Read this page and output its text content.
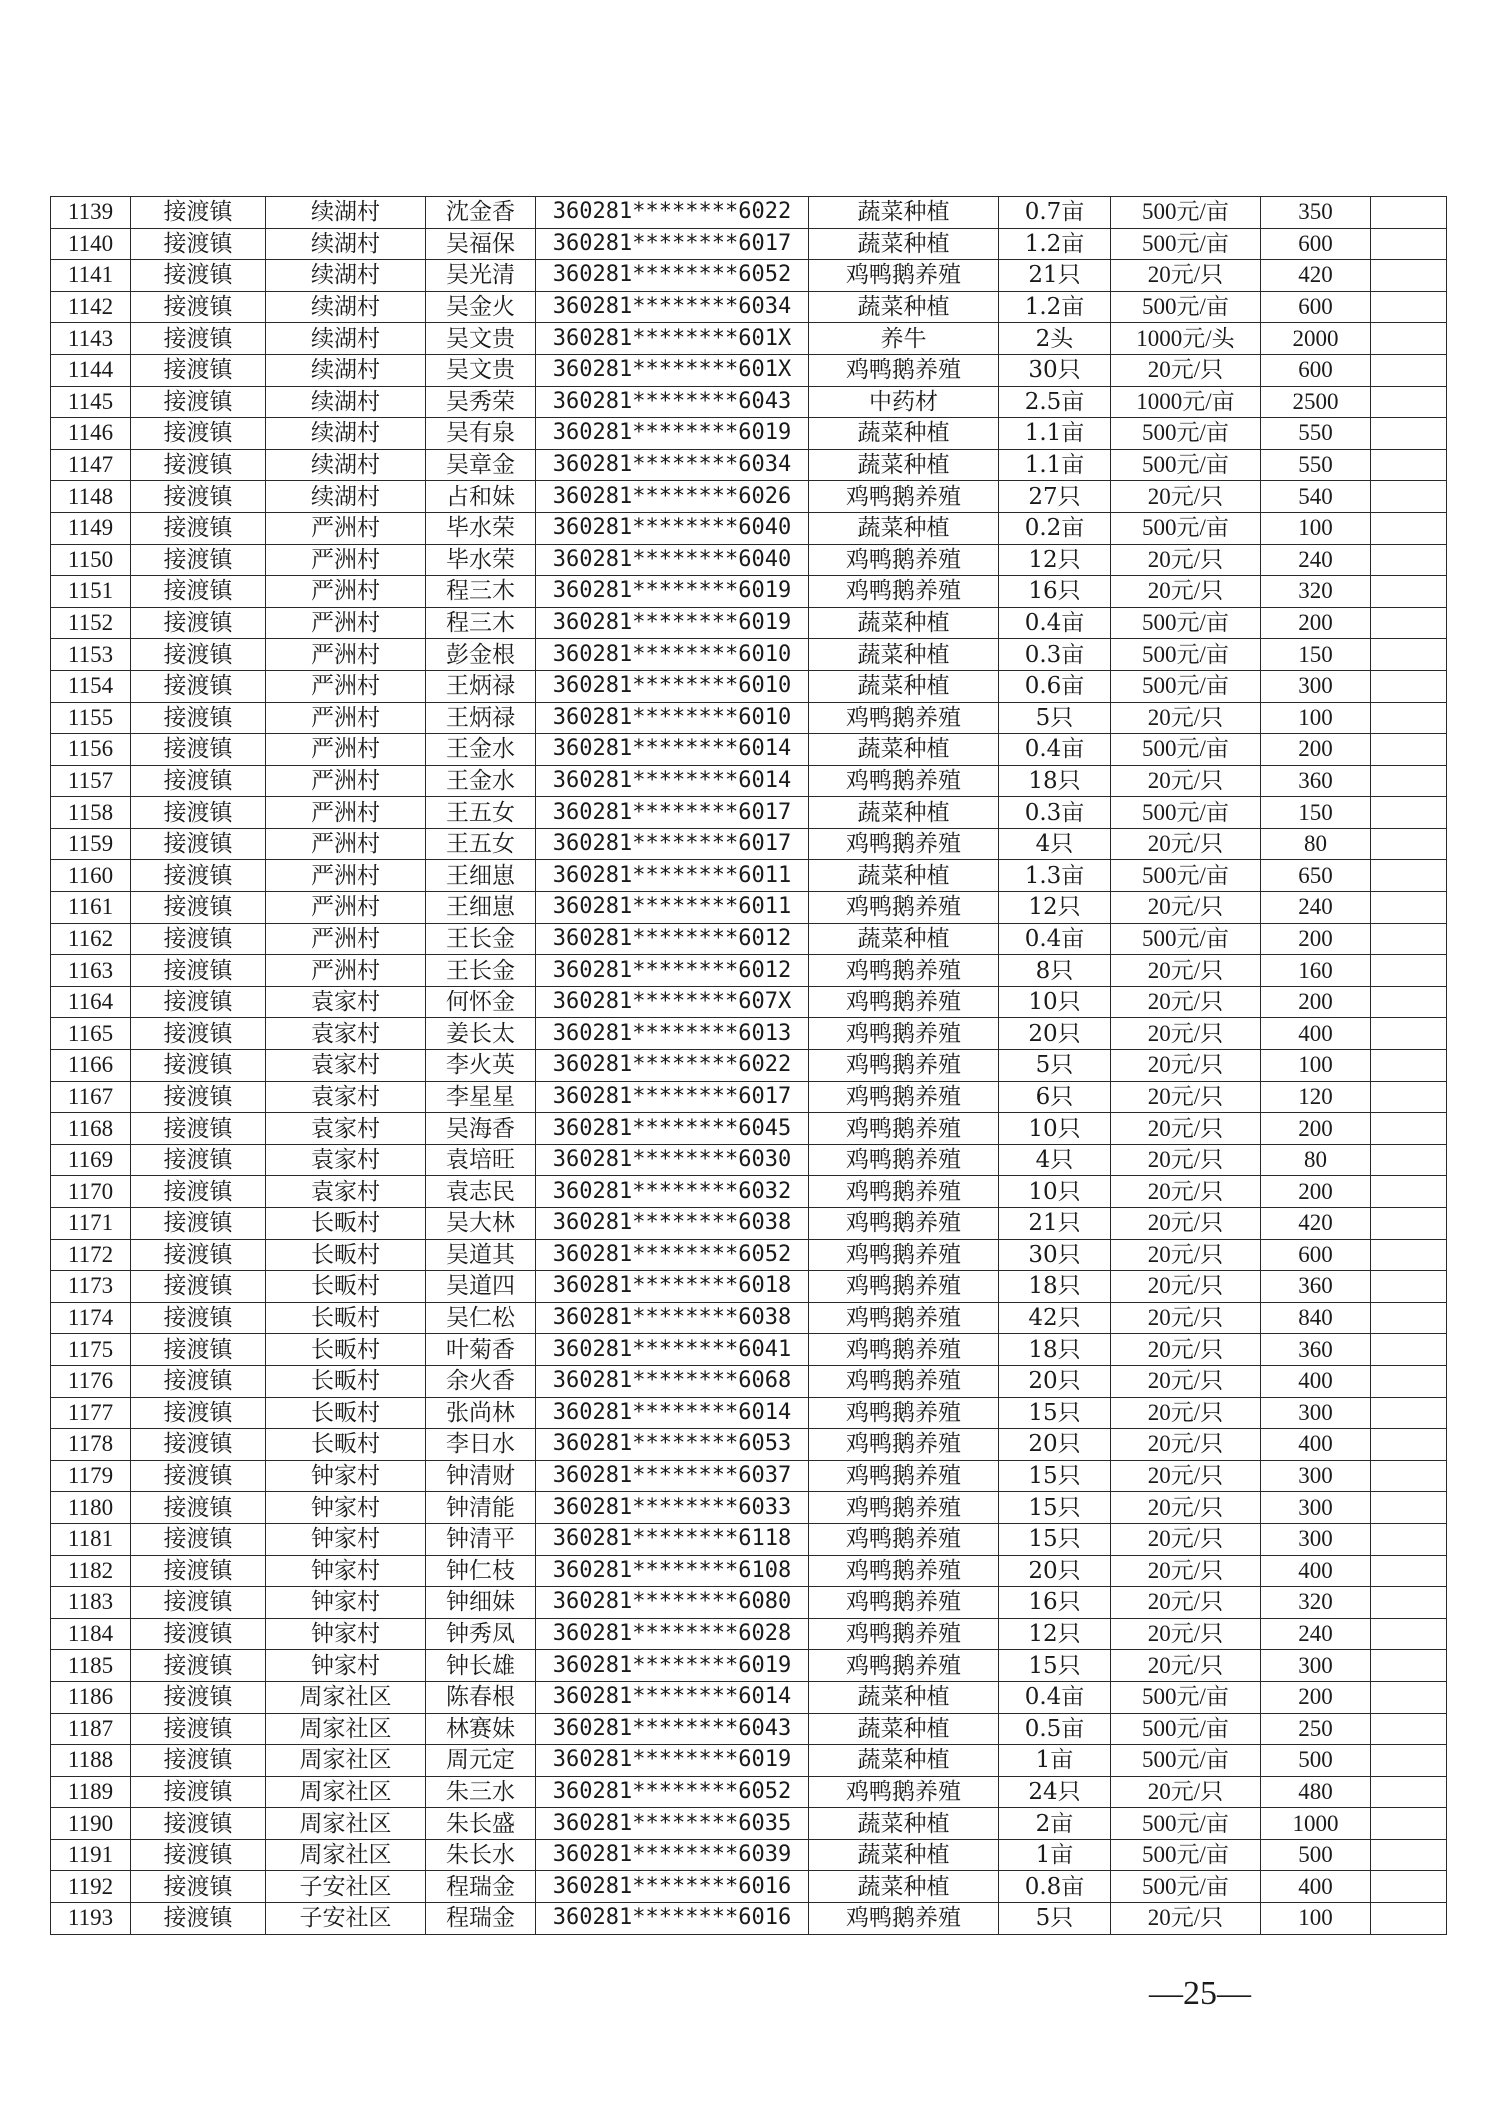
1139	接渡镇	续湖村	沈金香	360281********6022	蔬菜种植	0.7亩	500元/亩	350	
1140	接渡镇	续湖村	吴福保	360281********6017	蔬菜种植	1.2亩	500元/亩	600	
1141	接渡镇	续湖村	吴光清	360281********6052	鸡鸭鹅养殖	21只	20元/只	420	
1142	接渡镇	续湖村	吴金火	360281********6034	蔬菜种植	1.2亩	500元/亩	600	
1143	接渡镇	续湖村	吴文贵	360281********601X	养牛	2头	1000元/头	2000	
1144	接渡镇	续湖村	吴文贵	360281********601X	鸡鸭鹅养殖	30只	20元/只	600	
1145	接渡镇	续湖村	吴秀荣	360281********6043	中药材	2.5亩	1000元/亩	2500	
1146	接渡镇	续湖村	吴有泉	360281********6019	蔬菜种植	1.1亩	500元/亩	550	
1147	接渡镇	续湖村	吴章金	360281********6034	蔬菜种植	1.1亩	500元/亩	550	
1148	接渡镇	续湖村	占和妹	360281********6026	鸡鸭鹅养殖	27只	20元/只	540	
1149	接渡镇	严洲村	毕水荣	360281********6040	蔬菜种植	0.2亩	500元/亩	100	
1150	接渡镇	严洲村	毕水荣	360281********6040	鸡鸭鹅养殖	12只	20元/只	240	
1151	接渡镇	严洲村	程三木	360281********6019	鸡鸭鹅养殖	16只	20元/只	320	
1152	接渡镇	严洲村	程三木	360281********6019	蔬菜种植	0.4亩	500元/亩	200	
1153	接渡镇	严洲村	彭金根	360281********6010	蔬菜种植	0.3亩	500元/亩	150	
1154	接渡镇	严洲村	王炳禄	360281********6010	蔬菜种植	0.6亩	500元/亩	300	
1155	接渡镇	严洲村	王炳禄	360281********6010	鸡鸭鹅养殖	5只	20元/只	100	
1156	接渡镇	严洲村	王金水	360281********6014	蔬菜种植	0.4亩	500元/亩	200	
1157	接渡镇	严洲村	王金水	360281********6014	鸡鸭鹅养殖	18只	20元/只	360	
1158	接渡镇	严洲村	王五女	360281********6017	蔬菜种植	0.3亩	500元/亩	150	
1159	接渡镇	严洲村	王五女	360281********6017	鸡鸭鹅养殖	4只	20元/只	80	
1160	接渡镇	严洲村	王细崽	360281********6011	蔬菜种植	1.3亩	500元/亩	650	
1161	接渡镇	严洲村	王细崽	360281********6011	鸡鸭鹅养殖	12只	20元/只	240	
1162	接渡镇	严洲村	王长金	360281********6012	蔬菜种植	0.4亩	500元/亩	200	
1163	接渡镇	严洲村	王长金	360281********6012	鸡鸭鹅养殖	8只	20元/只	160	
1164	接渡镇	袁家村	何怀金	360281********607X	鸡鸭鹅养殖	10只	20元/只	200	
1165	接渡镇	袁家村	姜长太	360281********6013	鸡鸭鹅养殖	20只	20元/只	400	
1166	接渡镇	袁家村	李火英	360281********6022	鸡鸭鹅养殖	5只	20元/只	100	
1167	接渡镇	袁家村	李星星	360281********6017	鸡鸭鹅养殖	6只	20元/只	120	
1168	接渡镇	袁家村	吴海香	360281********6045	鸡鸭鹅养殖	10只	20元/只	200	
1169	接渡镇	袁家村	袁培旺	360281********6030	鸡鸭鹅养殖	4只	20元/只	80	
1170	接渡镇	袁家村	袁志民	360281********6032	鸡鸭鹅养殖	10只	20元/只	200	
1171	接渡镇	长畈村	吴大林	360281********6038	鸡鸭鹅养殖	21只	20元/只	420	
1172	接渡镇	长畈村	吴道其	360281********6052	鸡鸭鹅养殖	30只	20元/只	600	
1173	接渡镇	长畈村	吴道四	360281********6018	鸡鸭鹅养殖	18只	20元/只	360	
1174	接渡镇	长畈村	吴仁松	360281********6038	鸡鸭鹅养殖	42只	20元/只	840	
1175	接渡镇	长畈村	叶菊香	360281********6041	鸡鸭鹅养殖	18只	20元/只	360	
1176	接渡镇	长畈村	余火香	360281********6068	鸡鸭鹅养殖	20只	20元/只	400	
1177	接渡镇	长畈村	张尚林	360281********6014	鸡鸭鹅养殖	15只	20元/只	300	
1178	接渡镇	长畈村	李日水	360281********6053	鸡鸭鹅养殖	20只	20元/只	400	
1179	接渡镇	钟家村	钟清财	360281********6037	鸡鸭鹅养殖	15只	20元/只	300	
1180	接渡镇	钟家村	钟清能	360281********6033	鸡鸭鹅养殖	15只	20元/只	300	
1181	接渡镇	钟家村	钟清平	360281********6118	鸡鸭鹅养殖	15只	20元/只	300	
1182	接渡镇	钟家村	钟仁枝	360281********6108	鸡鸭鹅养殖	20只	20元/只	400	
1183	接渡镇	钟家村	钟细妹	360281********6080	鸡鸭鹅养殖	16只	20元/只	320	
1184	接渡镇	钟家村	钟秀凤	360281********6028	鸡鸭鹅养殖	12只	20元/只	240	
1185	接渡镇	钟家村	钟长雄	360281********6019	鸡鸭鹅养殖	15只	20元/只	300	
1186	接渡镇	周家社区	陈春根	360281********6014	蔬菜种植	0.4亩	500元/亩	200	
1187	接渡镇	周家社区	林赛妹	360281********6043	蔬菜种植	0.5亩	500元/亩	250	
1188	接渡镇	周家社区	周元定	360281********6019	蔬菜种植	1亩	500元/亩	500	
1189	接渡镇	周家社区	朱三水	360281********6052	鸡鸭鹅养殖	24只	20元/只	480	
1190	接渡镇	周家社区	朱长盛	360281********6035	蔬菜种植	2亩	500元/亩	1000	
1191	接渡镇	周家社区	朱长水	360281********6039	蔬菜种植	1亩	500元/亩	500	
1192	接渡镇	子安社区	程瑞金	360281********6016	蔬菜种植	0.8亩	500元/亩	400	
1193	接渡镇	子安社区	程瑞金	360281********6016	鸡鸭鹅养殖	5只	20元/只	100	
—25—
